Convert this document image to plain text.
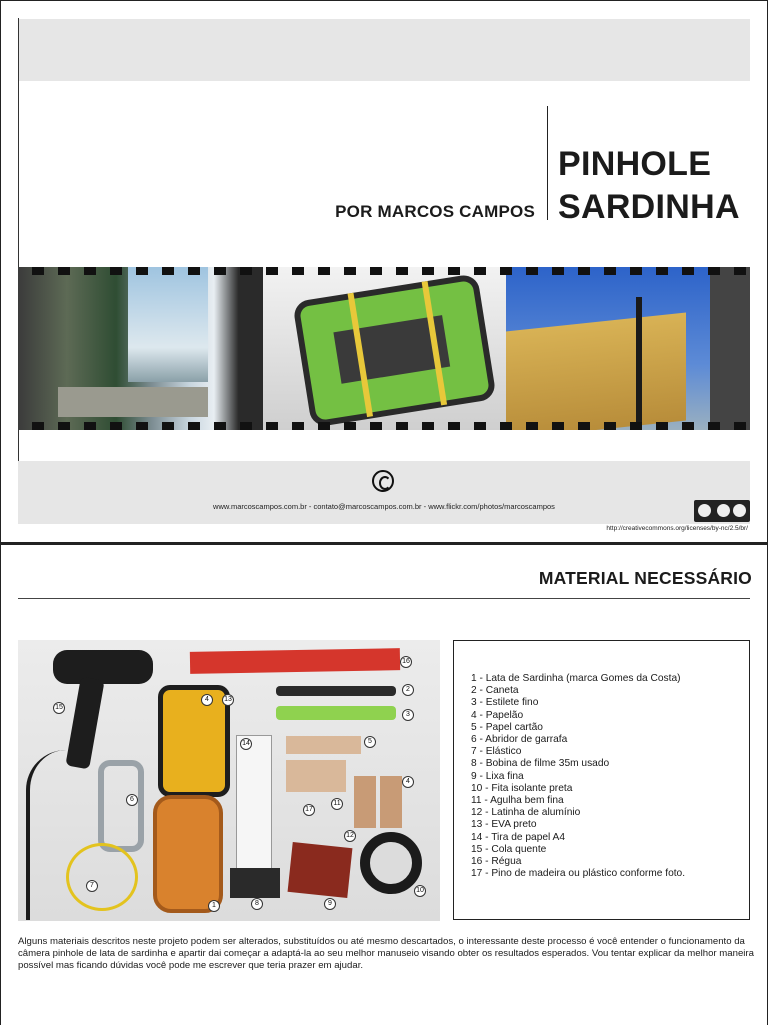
PINHOLE
SARDINHA
POR MARCOS CAMPOS
www.marcoscampos.com.br - contato@marcoscampos.com.br - www.flickr.com/photos/marcoscampos
http://creativecommons.org/licenses/by-nc/2.5/br/
MATERIAL NECESSÁRIO
15
16
2
4	13
3
14	5
6
17
11
4
12
7
1	8	9
10
1 - Lata de Sardinha (marca Gomes da Costa)
2 - Caneta
3 - Estilete fino
4 - Papelão
5 - Papel cartão
6 - Abridor de garrafa
7 - Elástico
8 - Bobina de filme 35m usado
9 - Lixa fina
10 - Fita isolante preta
11 - Agulha bem fina
12 - Latinha de alumínio
13 - EVA preto
14 - Tira de papel A4
15 - Cola quente
16 - Régua
17 - Pino de madeira ou plástico conforme foto.
Alguns materiais descritos neste projeto podem ser alterados, substituídos ou até mesmo descartados, o interessante deste processo é você entender o funcionamento da câmera pinhole de lata de sardinha e apartir dai começar a adaptá-la ao seu melhor manuseio visando obter os resultados esperados. Vou tentar explicar da melhor maneira possível mas ficando dúvidas você pode me escrever que teria prazer em ajudar.
